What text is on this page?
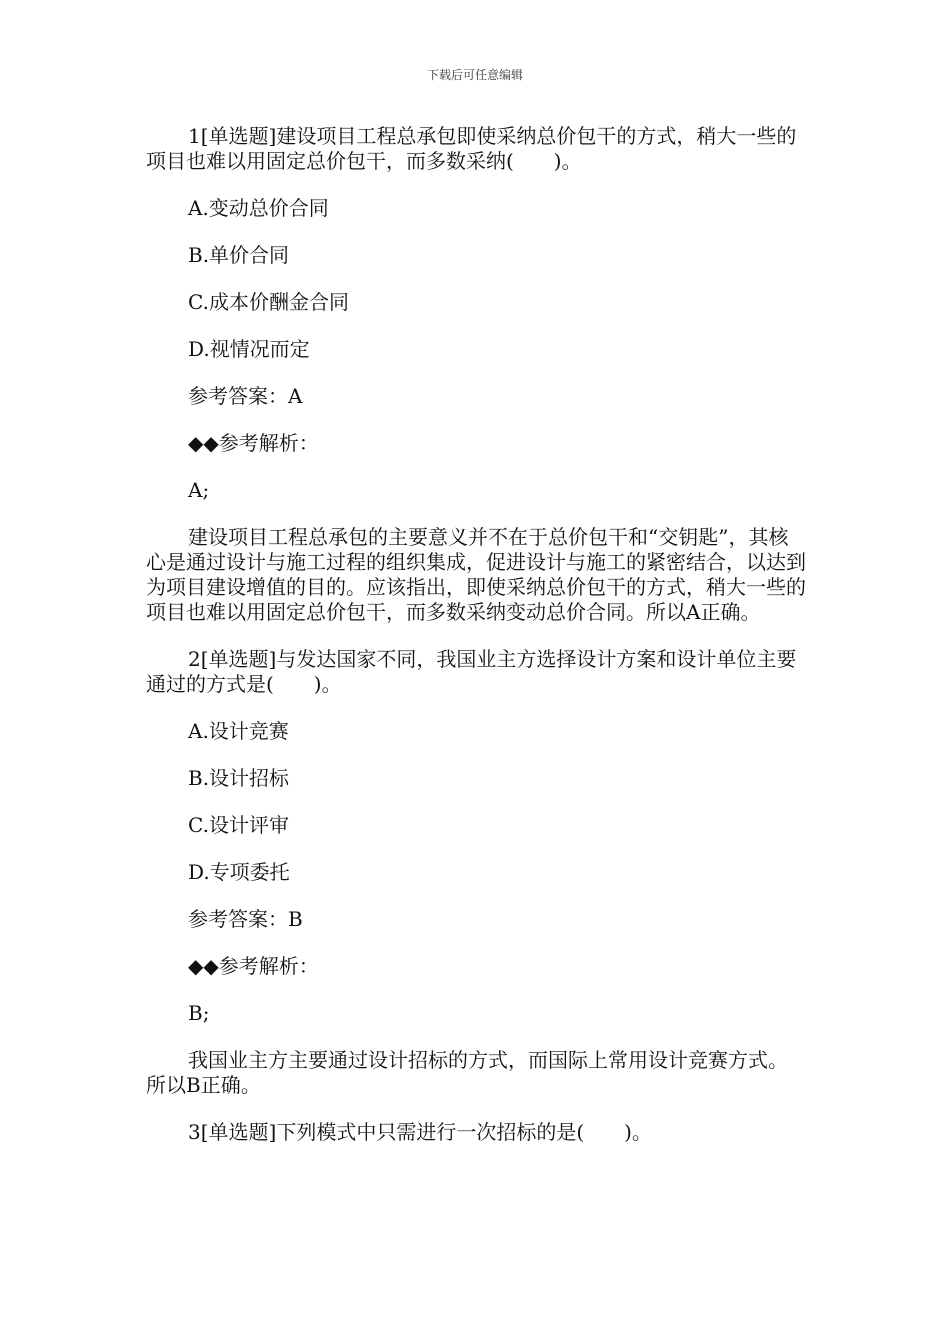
下载后可任意编辑

1[单选题]建设项目工程总承包即使采纳总价包干的方式，稍大一些的项目也难以用固定总价包干，而多数采纳(　　)。

A.变动总价合同

B.单价合同

C.成本价酬金合同

D.视情况而定

参考答案：A

◆◆参考解析：

A;

建设项目工程总承包的主要意义并不在于总价包干和“交钥匙”，其核心是通过设计与施工过程的组织集成，促进设计与施工的紧密结合，以达到为项目建设增值的目的。应该指出，即使采纳总价包干的方式，稍大一些的项目也难以用固定总价包干，而多数采纳变动总价合同。所以A正确。

2[单选题]与发达国家不同，我国业主方选择设计方案和设计单位主要通过的方式是(　　)。

A.设计竞赛

B.设计招标

C.设计评审

D.专项委托

参考答案：B

◆◆参考解析：

B;

我国业主方主要通过设计招标的方式，而国际上常用设计竞赛方式。所以B正确。

3[单选题]下列模式中只需进行一次招标的是(　　)。
